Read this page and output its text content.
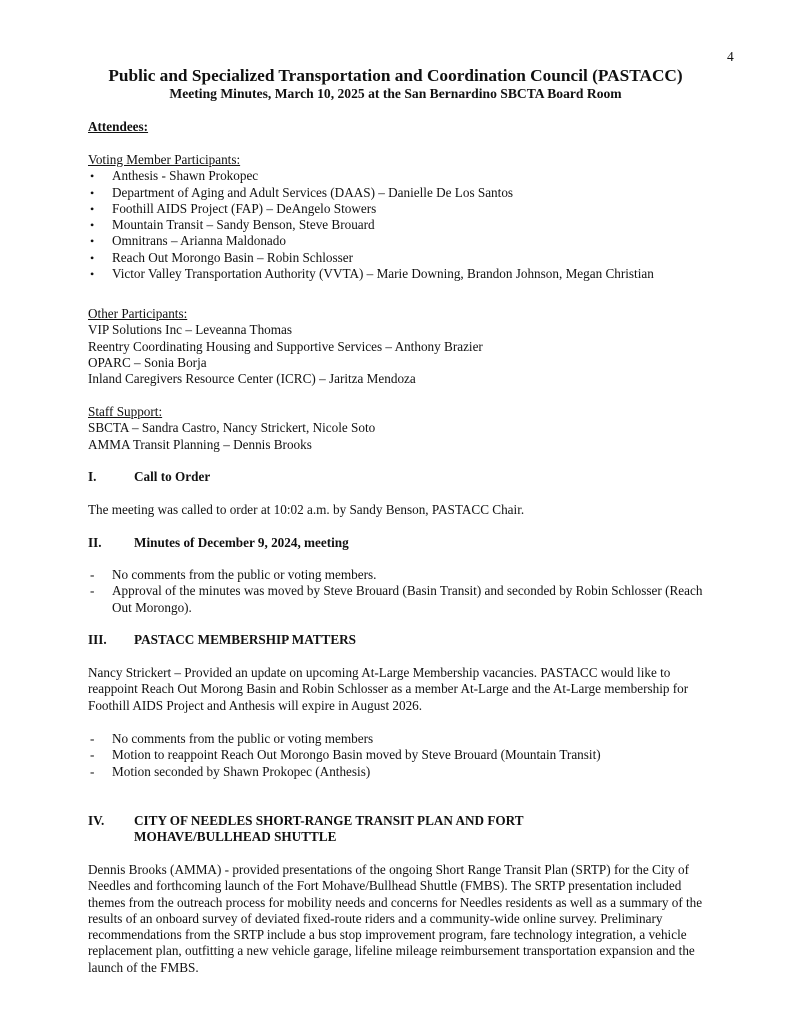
4
Public and Specialized Transportation and Coordination Council (PASTACC)
Meeting Minutes, March 10, 2025 at the San Bernardino SBCTA Board Room
Attendees:
Voting Member Participants:
• Anthesis - Shawn Prokopec
• Department of Aging and Adult Services (DAAS) – Danielle De Los Santos
• Foothill AIDS Project (FAP) – DeAngelo Stowers
• Mountain Transit – Sandy Benson, Steve Brouard
• Omnitrans – Arianna Maldonado
• Reach Out Morongo Basin – Robin Schlosser
• Victor Valley Transportation Authority (VVTA) – Marie Downing, Brandon Johnson, Megan Christian
Other Participants:
VIP Solutions Inc – Leveanna Thomas
Reentry Coordinating Housing and Supportive Services – Anthony Brazier
OPARC – Sonia Borja
Inland Caregivers Resource Center (ICRC) – Jaritza Mendoza
Staff Support:
SBCTA – Sandra Castro, Nancy Strickert, Nicole Soto
AMMA Transit Planning – Dennis Brooks
I.	Call to Order
The meeting was called to order at 10:02 a.m. by Sandy Benson, PASTACC Chair.
II. Minutes of December 9, 2024, meeting
- No comments from the public or voting members.
- Approval of the minutes was moved by Steve Brouard (Basin Transit) and seconded by Robin Schlosser (Reach Out Morongo).
III. PASTACC MEMBERSHIP MATTERS
Nancy Strickert – Provided an update on upcoming At-Large Membership vacancies. PASTACC would like to reappoint Reach Out Morong Basin and Robin Schlosser as a member At-Large and the At-Large membership for Foothill AIDS Project and Anthesis will expire in August 2026.
- No comments from the public or voting members
- Motion to reappoint Reach Out Morongo Basin moved by Steve Brouard (Mountain Transit)
- Motion seconded by Shawn Prokopec (Anthesis)
IV. CITY OF NEEDLES SHORT-RANGE TRANSIT PLAN AND FORT MOHAVE/BULLHEAD SHUTTLE
Dennis Brooks (AMMA) - provided presentations of the ongoing Short Range Transit Plan (SRTP) for the City of Needles and forthcoming launch of the Fort Mohave/Bullhead Shuttle (FMBS). The SRTP presentation included themes from the outreach process for mobility needs and concerns for Needles residents as well as a summary of the results of an onboard survey of deviated fixed-route riders and a community-wide online survey. Preliminary recommendations from the SRTP include a bus stop improvement program, fare technology integration, a vehicle replacement plan, outfitting a new vehicle garage, lifeline mileage reimbursement transportation expansion and the launch of the FMBS.
